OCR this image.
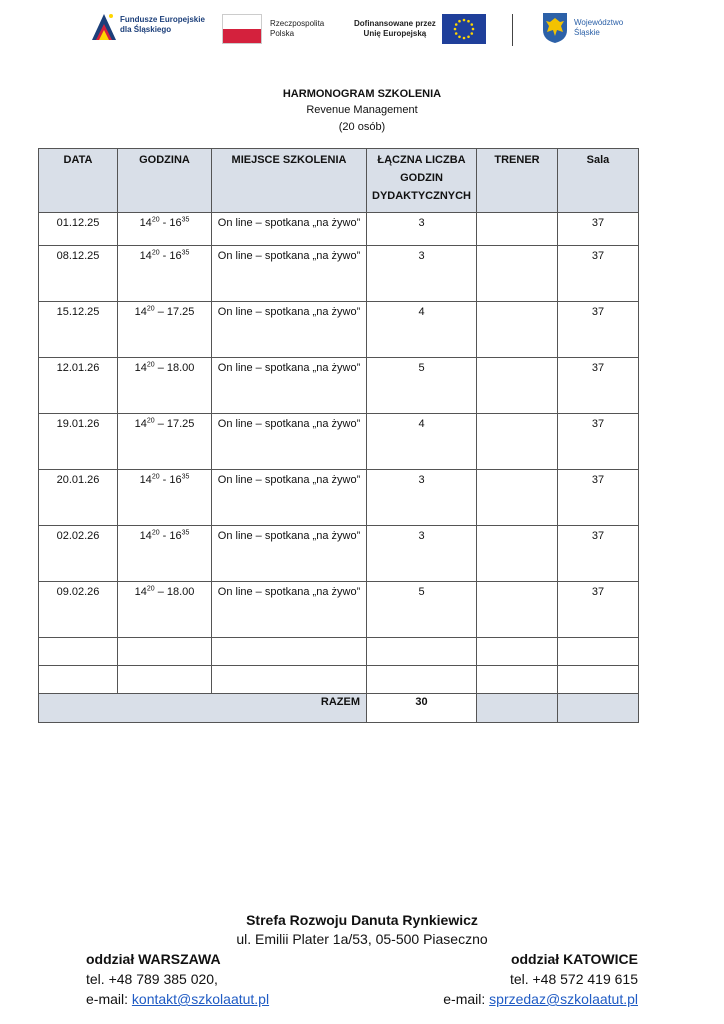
Fundusze Europejskie
dla Śląskiego
Rzeczpospolita
Polska
Dofinansowane przez
Unię Europejską
Województwo
Śląskie
HARMONOGRAM SZKOLENIA
Revenue Management
(20 osób)
DATA	GODZINA	MIEJSCE SZKOLENIA	ŁĄCZNA LICZBA GODZIN DYDAKTYCZNYCH	TRENER	Sala
01.12.25	$14^{20} - 16^{35}$	On line – spotkana „na żywo”	3		37
08.12.25	$14^{20} - 16^{35}$	On line – spotkana „na żywo”	3		37
15.12.25	$14^{20} - 17.25$	On line – spotkana „na żywo”	4		37
12.01.26	$14^{20} - 18.00$	On line – spotkana „na żywo”	5		37
19.01.26	$14^{20} - 17.25$	On line – spotkana „na żywo”	4		37
20.01.26	$14^{20} - 16^{35}$	On line – spotkana „na żywo”	3		37
02.02.26	$14^{20} - 16^{35}$	On line – spotkana „na żywo”	3		37
09.02.26	$14^{20} - 18.00$	On line – spotkana „na żywo”	5		37

RAZEM			30		
Strefa Rozwoju Danuta Rynkiewicz
ul. Emilii Plater 1a/53, 05-500 Piaseczno
oddział WARSZAWA
tel. +48 789 385 020,
e-mail: kontakt@szkolaatut.pl
oddział KATOWICE
tel. +48 572 419 615
e-mail: sprzedaz@szkolaatut.pl
